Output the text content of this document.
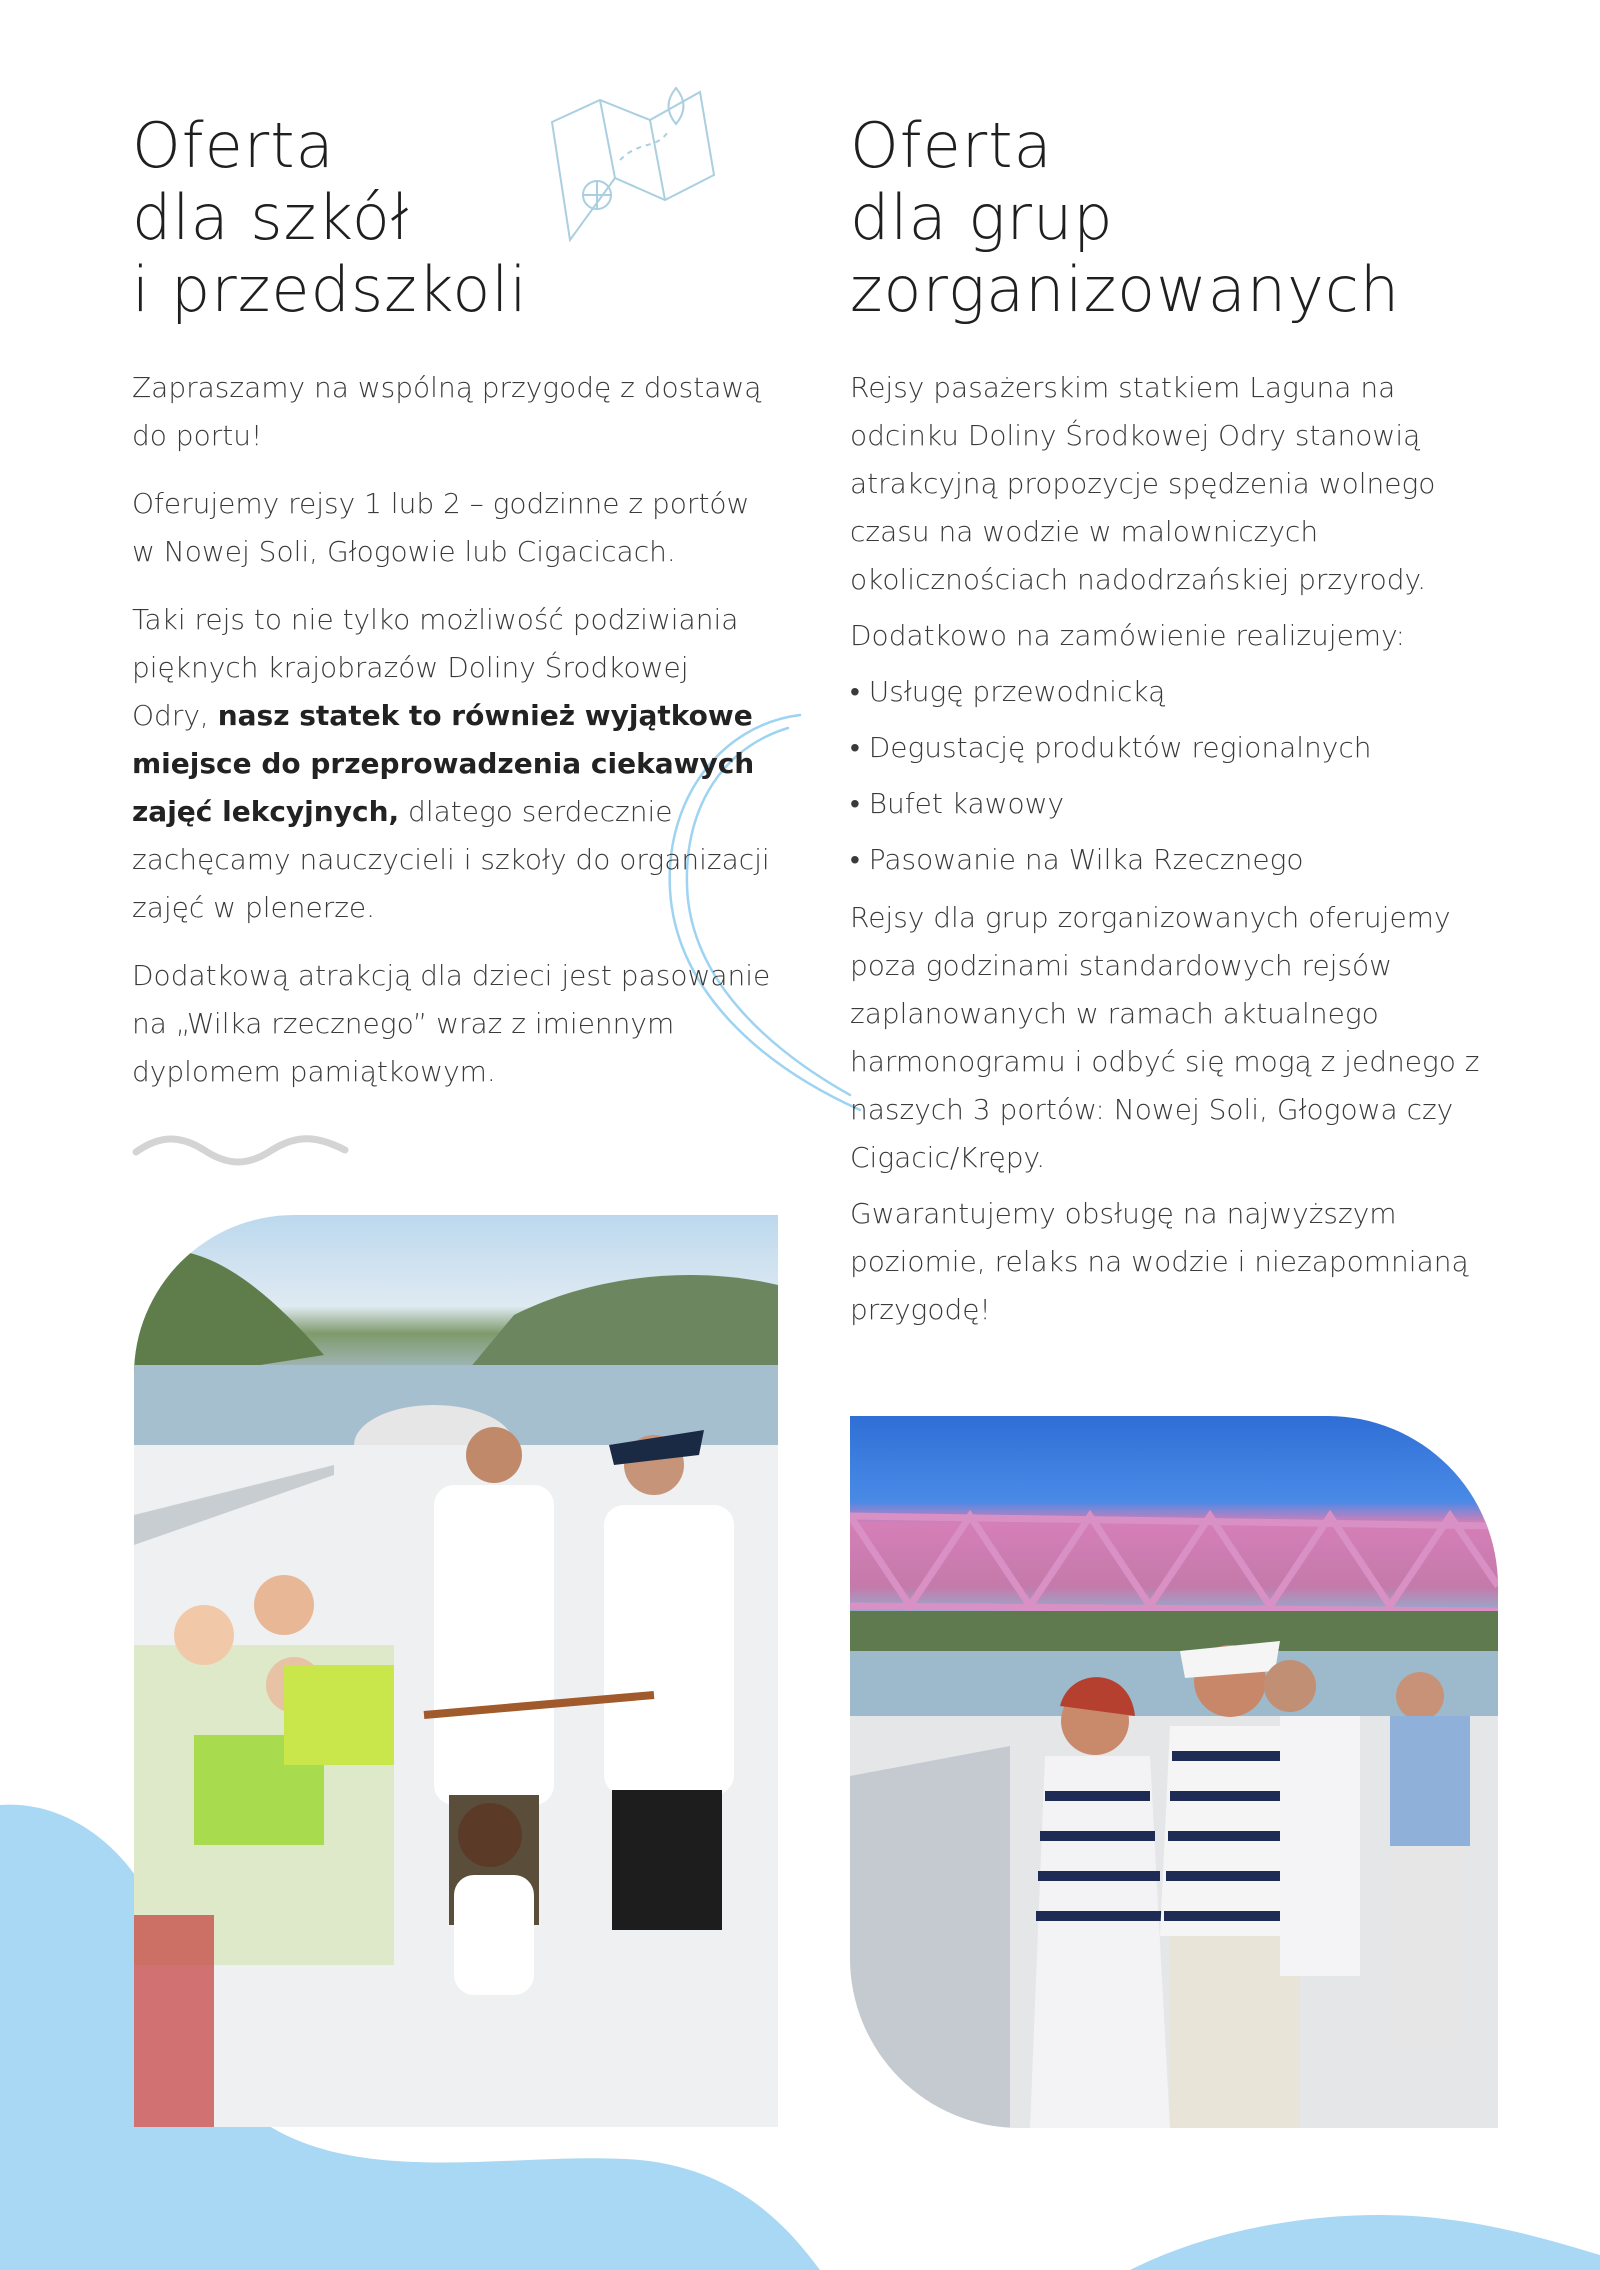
Oferta
dla szkół
i przedszkoli

Zapraszamy na wspólną przygodę z dostawą do portu!

Oferujemy rejsy 1 lub 2 – godzinne z portów w Nowej Soli, Głogowie lub Cigacicach.

Taki rejs to nie tylko możliwość podziwiania pięknych krajobrazów Doliny Środkowej Odry, nasz statek to również wyjątkowe miejsce do przeprowadzenia ciekawych zajęć lekcyjnych, dlatego serdecznie zachęcamy nauczycieli i szkoły do organizacji zajęć w plenerze.

Dodatkową atrakcją dla dzieci jest pasowanie na „Wilka rzecznego” wraz z imiennym dyplomem pamiątkowym.

Oferta
dla grup
zorganizowanych

Rejsy pasażerskim statkiem Laguna na odcinku Doliny Środkowej Odry stanowią atrakcyjną propozycje spędzenia wolnego czasu na wodzie w malowniczych okolicznościach nadodrzańskiej przyrody.

Dodatkowo na zamówienie realizujemy:

• Usługę przewodnicką
• Degustację produktów regionalnych
• Bufet kawowy
• Pasowanie na Wilka Rzecznego

Rejsy dla grup zorganizowanych oferujemy poza godzinami standardowych rejsów zaplanowanych w ramach aktualnego harmonogramu i odbyć się mogą z jednego z naszych 3 portów: Nowej Soli, Głogowa czy Cigacic/Krępy.

Gwarantujemy obsługę na najwyższym poziomie, relaks na wodzie i niezapomnianą przygodę!
